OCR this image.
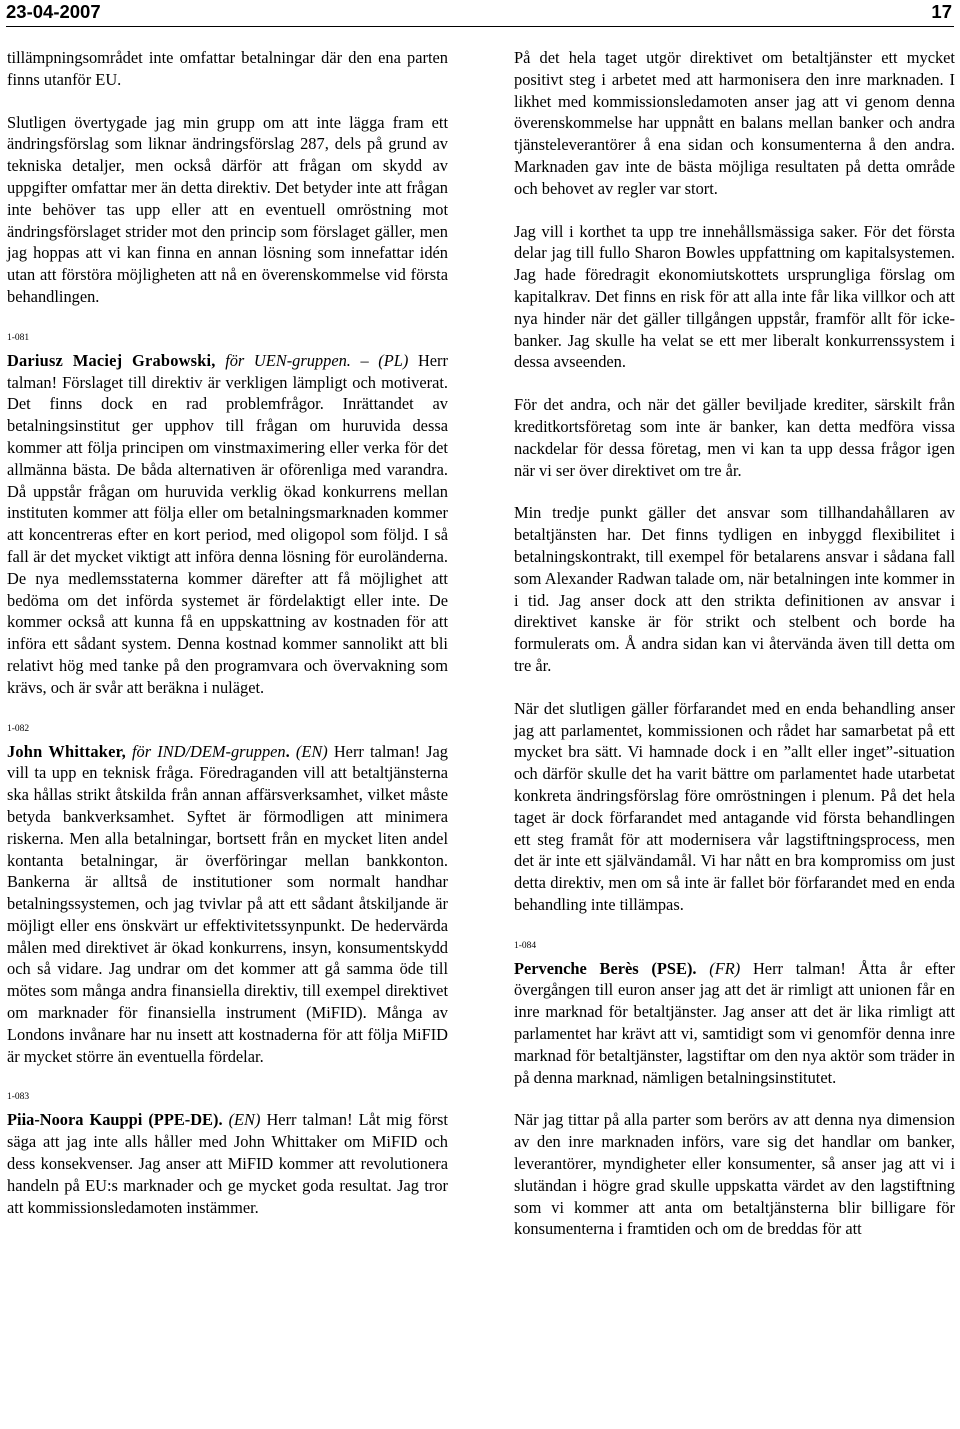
23-04-2007	17

tillämpningsområdet inte omfattar betalningar där den ena parten finns utanför EU.

Slutligen övertygade jag min grupp om att inte lägga fram ett ändringsförslag som liknar ändringsförslag 287, dels på grund av tekniska detaljer, men också därför att frågan om skydd av uppgifter omfattar mer än detta direktiv. Det betyder inte att frågan inte behöver tas upp eller att en eventuell omröstning mot ändringsförslaget strider mot den princip som förslaget gäller, men jag hoppas att vi kan finna en annan lösning som innefattar idén utan att förstöra möjligheten att nå en överenskommelse vid första behandlingen.

1-081

Dariusz Maciej Grabowski, för UEN-gruppen. – (PL) Herr talman! Förslaget till direktiv är verkligen lämpligt och motiverat. Det finns dock en rad problemfrågor. Inrättandet av betalningsinstitut ger upphov till frågan om huruvida dessa kommer att följa principen om vinstmaximering eller verka för det allmänna bästa. De båda alternativen är oförenliga med varandra. Då uppstår frågan om huruvida verklig ökad konkurrens mellan instituten kommer att följa eller om betalningsmarknaden kommer att koncentreras efter en kort period, med oligopol som följd. I så fall är det mycket viktigt att införa denna lösning för euroländerna. De nya medlemsstaterna kommer därefter att få möjlighet att bedöma om det införda systemet är fördelaktigt eller inte. De kommer också att kunna få en uppskattning av kostnaden för att införa ett sådant system. Denna kostnad kommer sannolikt att bli relativt hög med tanke på den programvara och övervakning som krävs, och är svår att beräkna i nuläget.

1-082

John Whittaker, för IND/DEM-gruppen. (EN) Herr talman! Jag vill ta upp en teknisk fråga. Föredraganden vill att betaltjänsterna ska hållas strikt åtskilda från annan affärsverksamhet, vilket måste betyda bankverksamhet. Syftet är förmodligen att minimera riskerna. Men alla betalningar, bortsett från en mycket liten andel kontanta betalningar, är överföringar mellan bankkonton. Bankerna är alltså de institutioner som normalt handhar betalningssystemen, och jag tvivlar på att ett sådant åtskiljande är möjligt eller ens önskvärt ur effektivitetssynpunkt. De hedervärda målen med direktivet är ökad konkurrens, insyn, konsumentskydd och så vidare. Jag undrar om det kommer att gå samma öde till mötes som många andra finansiella direktiv, till exempel direktivet om marknader för finansiella instrument (MiFID). Många av Londons invånare har nu insett att kostnaderna för att följa MiFID är mycket större än eventuella fördelar.

1-083

Piia-Noora Kauppi (PPE-DE). (EN) Herr talman! Låt mig först säga att jag inte alls håller med John Whittaker om MiFID och dess konsekvenser. Jag anser att MiFID kommer att revolutionera handeln på EU:s marknader och ge mycket goda resultat. Jag tror att kommissionsledamoten instämmer.

På det hela taget utgör direktivet om betaltjänster ett mycket positivt steg i arbetet med att harmonisera den inre marknaden. I likhet med kommissionsledamoten anser jag att vi genom denna överenskommelse har uppnått en balans mellan banker och andra tjänsteleverantörer å ena sidan och konsumenterna å den andra. Marknaden gav inte de bästa möjliga resultaten på detta område och behovet av regler var stort.

Jag vill i korthet ta upp tre innehållsmässiga saker. För det första delar jag till fullo Sharon Bowles uppfattning om kapitalsystemen. Jag hade föredragit ekonomiutskottets ursprungliga förslag om kapitalkrav. Det finns en risk för att alla inte får lika villkor och att nya hinder när det gäller tillgången uppstår, framför allt för icke-banker. Jag skulle ha velat se ett mer liberalt konkurrenssystem i dessa avseenden.

För det andra, och när det gäller beviljade krediter, särskilt från kreditkortsföretag som inte är banker, kan detta medföra vissa nackdelar för dessa företag, men vi kan ta upp dessa frågor igen när vi ser över direktivet om tre år.

Min tredje punkt gäller det ansvar som tillhandahållaren av betaltjänsten har. Det finns tydligen en inbyggd flexibilitet i betalningskontrakt, till exempel för betalarens ansvar i sådana fall som Alexander Radwan talade om, när betalningen inte kommer in i tid. Jag anser dock att den strikta definitionen av ansvar i direktivet kanske är för strikt och stelbent och borde ha formulerats om. Å andra sidan kan vi återvända även till detta om tre år.

När det slutligen gäller förfarandet med en enda behandling anser jag att parlamentet, kommissionen och rådet har samarbetat på ett mycket bra sätt. Vi hamnade dock i en ”allt eller inget”-situation och därför skulle det ha varit bättre om parlamentet hade utarbetat konkreta ändringsförslag före omröstningen i plenum. På det hela taget är dock förfarandet med antagande vid första behandlingen ett steg framåt för att modernisera vår lagstiftningsprocess, men det är inte ett självändamål. Vi har nått en bra kompromiss om just detta direktiv, men om så inte är fallet bör förfarandet med en enda behandling inte tillämpas.

1-084

Pervenche Berès (PSE). (FR) Herr talman! Åtta år efter övergången till euron anser jag att det är rimligt att unionen får en inre marknad för betaltjänster. Jag anser att det är lika rimligt att parlamentet har krävt att vi, samtidigt som vi genomför denna inre marknad för betaltjänster, lagstiftar om den nya aktör som träder in på denna marknad, nämligen betalningsinstitutet.

När jag tittar på alla parter som berörs av att denna nya dimension av den inre marknaden införs, vare sig det handlar om banker, leverantörer, myndigheter eller konsumenter, så anser jag att vi i slutändan i högre grad skulle uppskatta värdet av den lagstiftning som vi kommer att anta om betaltjänsterna blir billigare för konsumenterna i framtiden och om de breddas för att
